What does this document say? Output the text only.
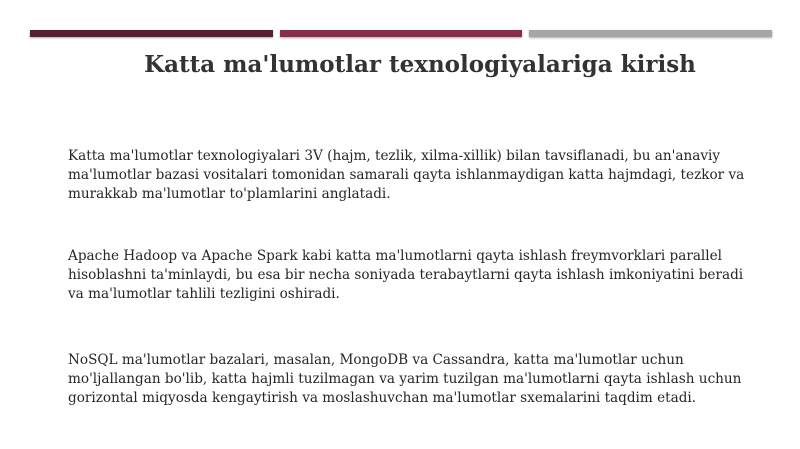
Katta ma'lumotlar texnologiyalariga kirish

Katta ma'lumotlar texnologiyalari 3V (hajm, tezlik, xilma-xillik) bilan tavsiflanadi, bu an'anaviy ma'lumotlar bazasi vositalari tomonidan samarali qayta ishlanmaydigan katta hajmdagi, tezkor va murakkab ma'lumotlar to'plamlarini anglatadi.

Apache Hadoop va Apache Spark kabi katta ma'lumotlarni qayta ishlash freymvorklari parallel hisoblashni ta'minlaydi, bu esa bir necha soniyada terabaytlarni qayta ishlash imkoniyatini beradi va ma'lumotlar tahlili tezligini oshiradi.

NoSQL ma'lumotlar bazalari, masalan, MongoDB va Cassandra, katta ma'lumotlar uchun mo'ljallangan bo'lib, katta hajmli tuzilmagan va yarim tuzilgan ma'lumotlarni qayta ishlash uchun gorizontal miqyosda kengaytirish va moslashuvchan ma'lumotlar sxemalarini taqdim etadi.
